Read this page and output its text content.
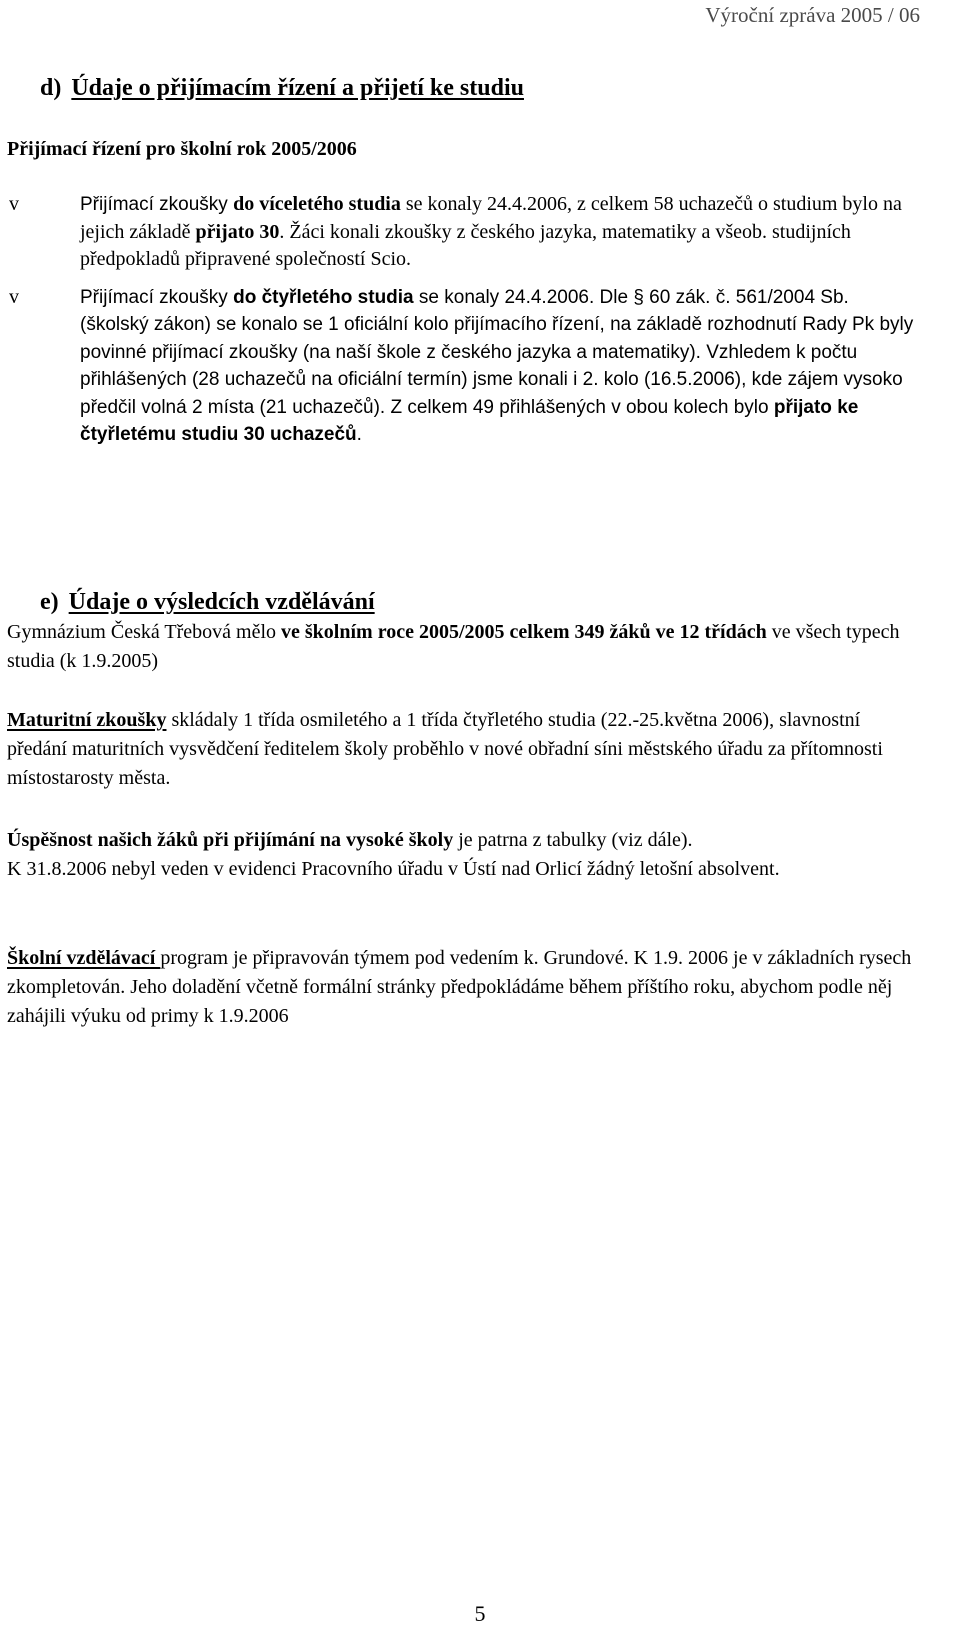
Výroční zpráva 2005 / 06
d) Údaje o přijímacím řízení a přijetí ke studiu
Přijímací řízení pro školní rok 2005/2006
v	Přijímací zkoušky do víceletého studia se konaly 24.4.2006, z celkem 58 uchazečů o studium bylo na jejich základě přijato 30. Žáci konali zkoušky z českého jazyka, matematiky a všeob. studijních předpokladů připravené společností Scio.

v	Přijímací zkoušky do čtyřletého studia se konaly 24.4.2006. Dle § 60 zák. č. 561/2004 Sb. (školský zákon) se konalo se 1 oficiální kolo přijímacího řízení, na základě rozhodnutí Rady Pk byly povinné přijímací zkoušky (na naší škole z českého jazyka a matematiky). Vzhledem k počtu přihlášených (28 uchazečů na oficiální termín) jsme konali i 2. kolo (16.5.2006), kde zájem vysoko předčil volná 2 místa (21 uchazečů). Z celkem 49 přihlášených v obou kolech bylo přijato ke čtyřletému studiu 30 uchazečů.

e) Údaje o výsledcích vzdělávání

Gymnázium Česká Třebová mělo ve školním roce 2005/2005 celkem 349 žáků ve 12 třídách ve všech typech studia (k 1.9.2005)

Maturitní zkoušky skládaly 1 třída osmiletého a 1 třída čtyřletého studia (22.-25.května 2006), slavnostní předání maturitních vysvědčení ředitelem školy proběhlo v nové obřadní síni městského úřadu za přítomnosti místostarosty města.

Úspěšnost našich žáků při přijímání na vysoké školy je patrna z tabulky (viz dále).

K 31.8.2006 nebyl veden v evidenci Pracovního úřadu v Ústí nad Orlicí žádný letošní absolvent.

Školní vzdělávací program je připravován týmem pod vedením k. Grundové. K 1.9. 2006 je v základních rysech zkompletován. Jeho doladění včetně formální stránky předpokládáme během příštího roku, abychom podle něj zahájili výuku od primy k 1.9.2006

5
